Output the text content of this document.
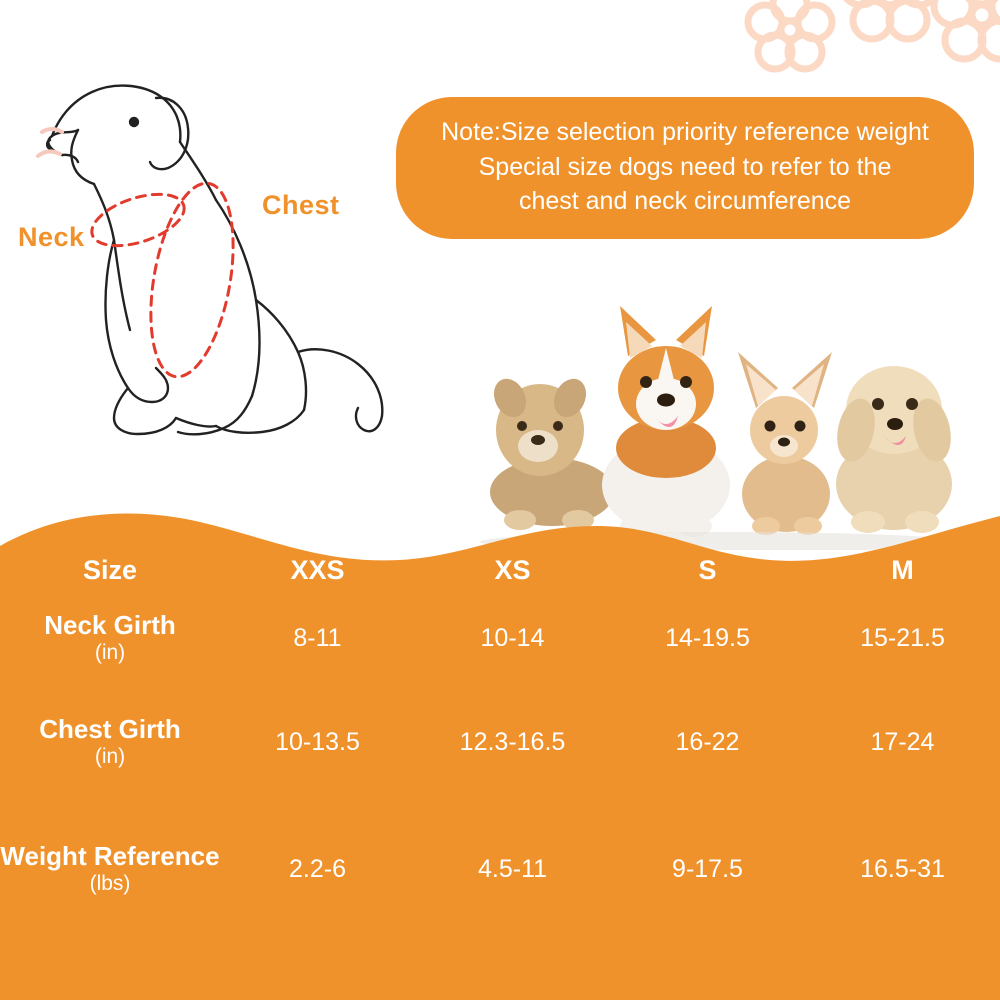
Neck
Chest
Note:Size selection priority reference weight
Special size dogs need to refer to the
chest and neck circumference
Size	XXS	XS	S	M
Neck Girth
(in)	8-11	10-14	14-19.5	15-21.5
Chest Girth
(in)	10-13.5	12.3-16.5	16-22	17-24
Weight Reference
(lbs)	2.2-6	4.5-11	9-17.5	16.5-31
